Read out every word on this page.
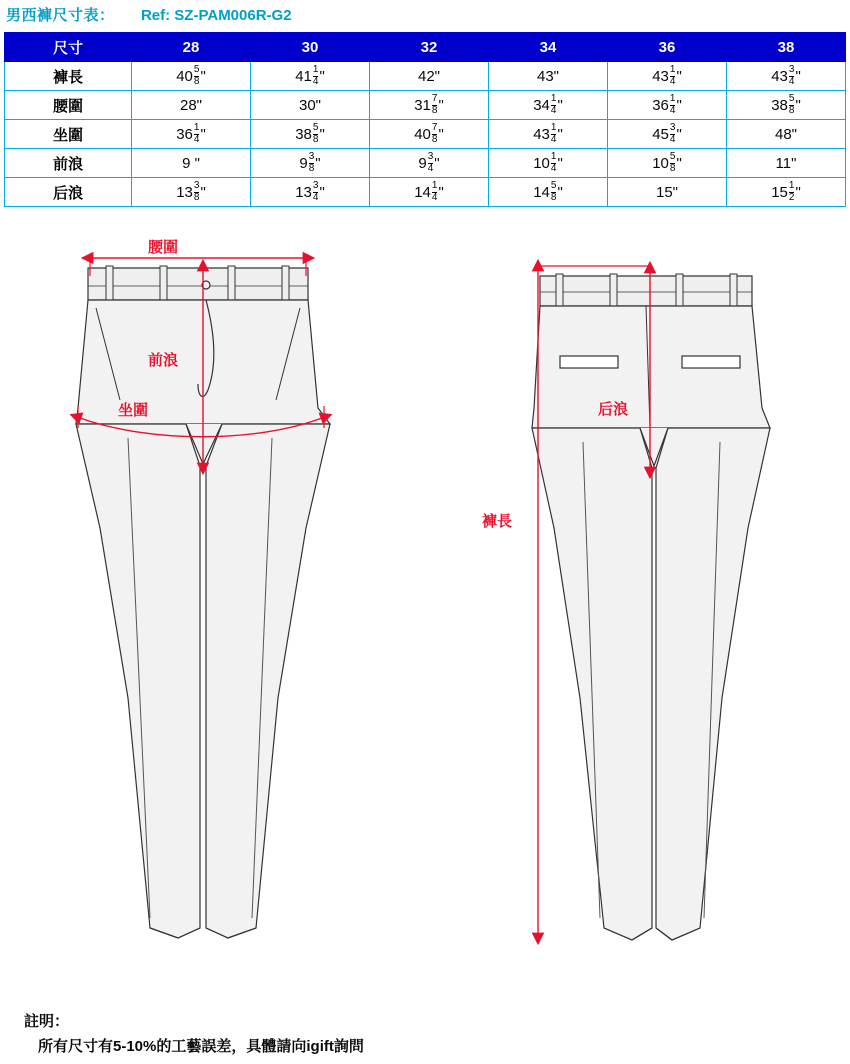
男西褲尺寸表： Ref: SZ-PAM006R-G2
尺寸	28	30	32	34	36	38
褲長	$40 \frac{5}{8}$ "	$41 \frac{1}{4}$ "	42"	43"	$43 \frac{1}{4}$ "	$43 \frac{3}{4}$ "
腰圍	28"	30"	$31 \frac{7}{8}$ "	$34 \frac{1}{4}$ "	$36 \frac{1}{4}$ "	$38 \frac{5}{8}$ "
坐圍	$36 \frac{1}{4}$ "	$38 \frac{5}{8}$ "	$40 \frac{7}{8}$ "	$43 \frac{1}{4}$ "	$45 \frac{3}{4}$ "	48"
前浪	9 "	$9 \frac{3}{8}$ "	$9 \frac{3}{4}$ "	$10 \frac{1}{4}$ "	$10 \frac{5}{8}$ "	11"
后浪	$13 \frac{3}{8}$ "	$13 \frac{3}{4}$ "	$14 \frac{1}{4}$ "	$14 \frac{5}{8}$ "	15"	$15 \frac{1}{2}$ "
腰圍
前浪
坐圍	后浪
褲長
註明：
所有尺寸有5-10%的工藝誤差，具體請向igift詢問
